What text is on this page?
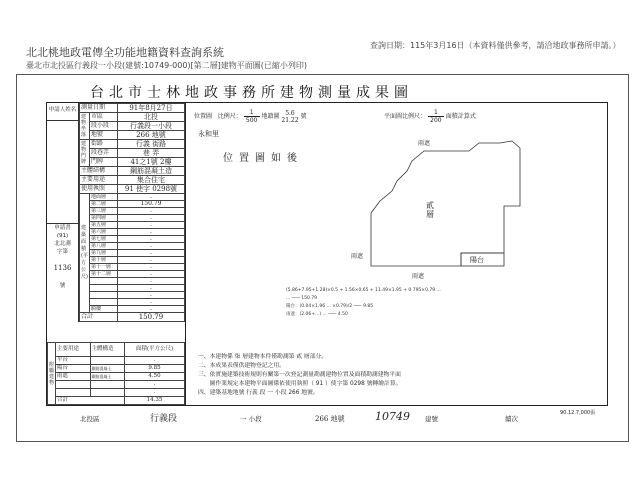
北北桃地政電傳全功能地籍資料查詢系統
臺北市北投區行義段一小段(建號:10749-000)[第二層]建物平面圖(已縮小列印)
查詢日期：115年3月16日（本資料僅供參考，請洽地政事務所申請。）
台北市士林地政事務所建物測量成果圖
申請人姓名
申請書
(91)
北北測
字第
1136
號
測量日期		91年8月27日
建物坐落	市區	北投
	段小段	行義段一小段
	地號	266 地號
建物門牌	街路	行義 街路
	段巷弄	巷 弄
	門牌	41之1號 2樓
主體結構		鋼筋混凝土造
主要用途		集合住宅
使用執照		91 使字 0298號
建築面積(平方公尺)	地面層	.
	第二層	150.79
	第三層	.
	第四層	.
	第五層	.
	第六層	.
	第七層	.
	第八層	.
	第九層	.
	第十層	.
	第十一層	.
	第十二層	.
		.
		.
		.
		.
	騎樓	.
合計		150.79
附屬建物	主要用途	主體構造	面積(平方公尺)
	平台		.
	陽台	鋼筋混凝土	9.85
	雨遮	鋼筋混凝土	4.50
			.
			.
	合計		14.35
位置圖 比例尺： $\frac{1}{500}$ 地籍圖 5.6
21.22 號	平面圖比例尺： $\frac{1}{200}$ 面積計算式
永和里
位置圖如後
貳層
陽台
雨遮
雨遮
雨遮
(5.86+7.95+1.28)×0.5 + 1.56×0.65 + 11.49×1.95 + 0.795×0.79 ...
... ─── 150.79
陽台：(0.04×1.96 ... ×0.79)/2 ─── 9.85
雨遮：(2.06+...) ... ─── 4.50
一、本建物係 柒 層建物本件僅勘測第 貳 層部分。
二、本成果表僅供建物登記之用。
三、依實施建築技術規則有關第一次登記測量勘測建物位置及面積勘測建物平面
　　圖作業規定本建物平面圖係依使用執照（ 91 ）使字第 0298 號轉繪計算。
四、建築基地地號 行義 段 一 小段 266 地號。
北投區	行義段	一 小段	266 地號	10749 建號	續次
90.12.7,000張
